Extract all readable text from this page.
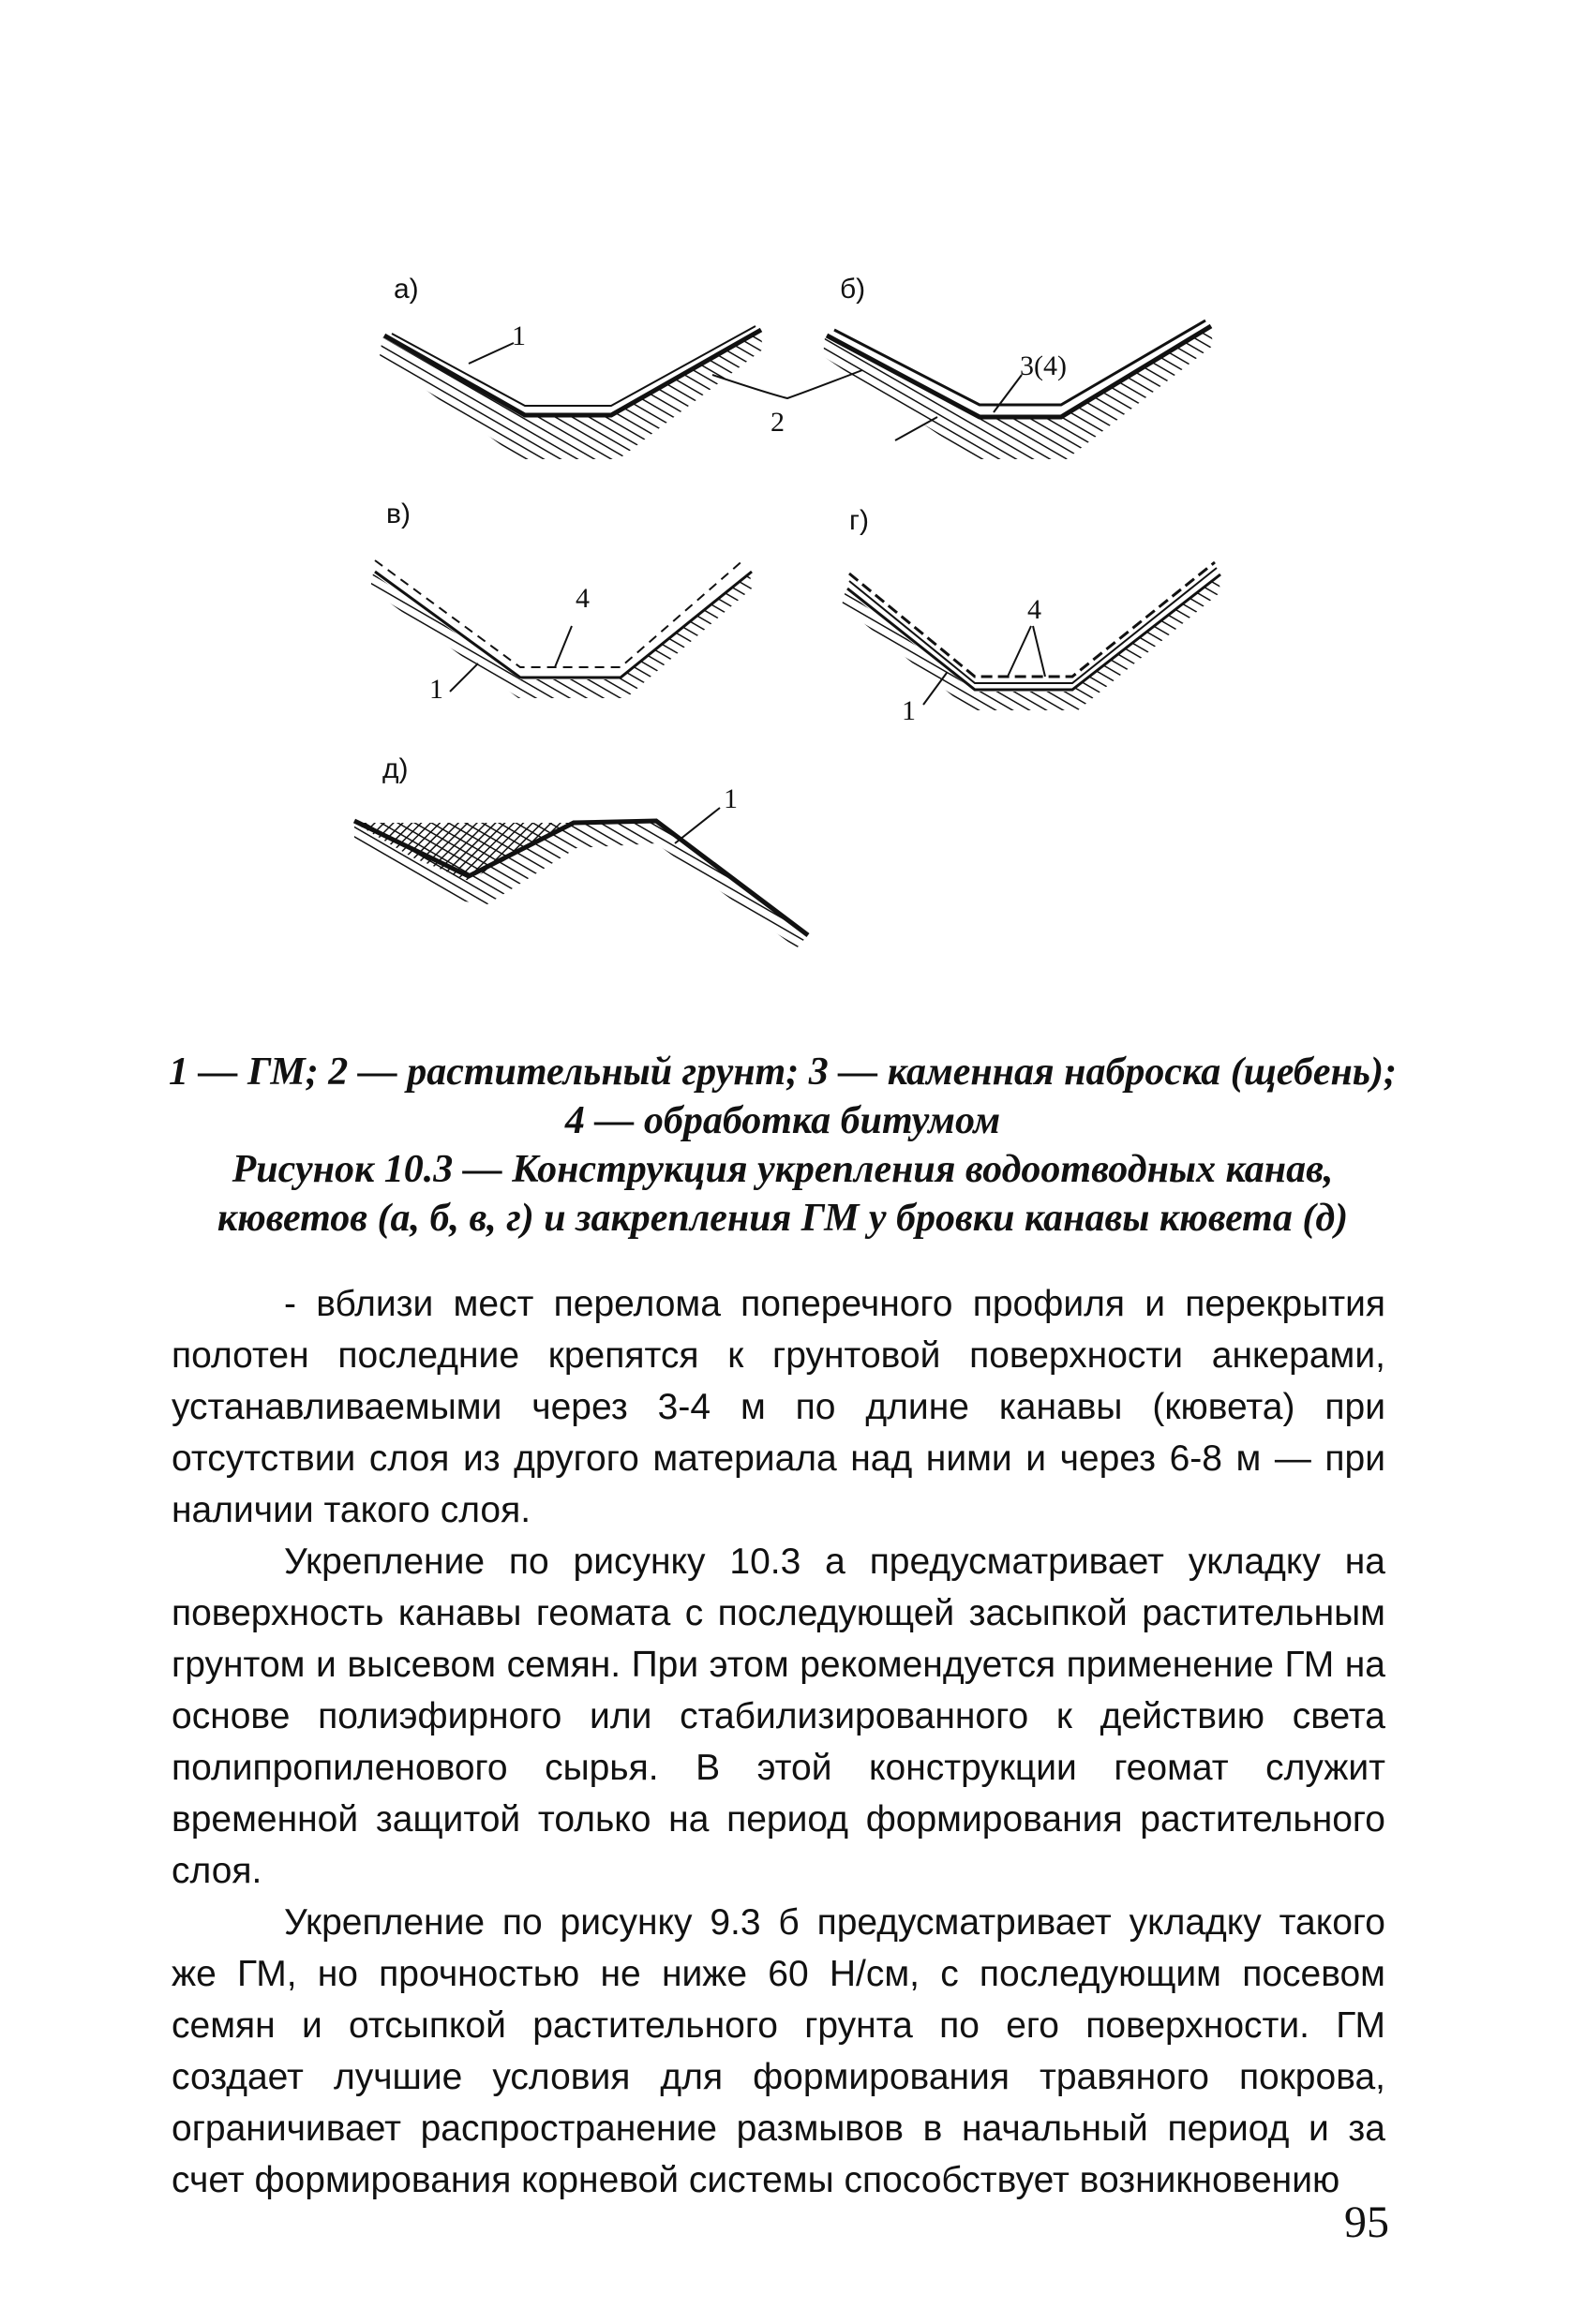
а)
1
2
б)
3(4)
в)
4
1
г)
4
1
д)
1
1 — ГМ; 2 — растительный грунт; 3 — каменная наброска (щебень);
4 — обработка битумом
Рисунок 10.3 — Конструкция укрепления водоотводных канав,
кюветов (а, б, в, г) и закрепления ГМ у бровки канавы кювета (д)

- вблизи мест перелома поперечного профиля и перекрытия полотен последние крепятся к грунтовой поверхности анкерами, устанавливаемыми через 3-4 м по длине канавы (кювета) при отсутствии слоя из другого материала над ними и через 6-8 м — при наличии такого слоя.

Укрепление по рисунку 10.3 а предусматривает укладку на поверхность канавы геомата с последующей засыпкой растительным грунтом и высевом семян. При этом рекомендуется применение ГМ на основе полиэфирного или стабилизированного к действию света полипропиленового сырья. В этой конструкции геомат служит временной защитой только на период формирования растительного слоя.

Укрепление по рисунку 9.3 б предусматривает укладку такого же ГМ, но прочностью не ниже 60 Н/см, с последующим посевом семян и отсыпкой растительного грунта по его поверхности. ГМ создает лучшие условия для формирования травяного покрова, ограничивает распространение размывов в начальный период и за счет формирования корневой системы способствует возникновению

95
